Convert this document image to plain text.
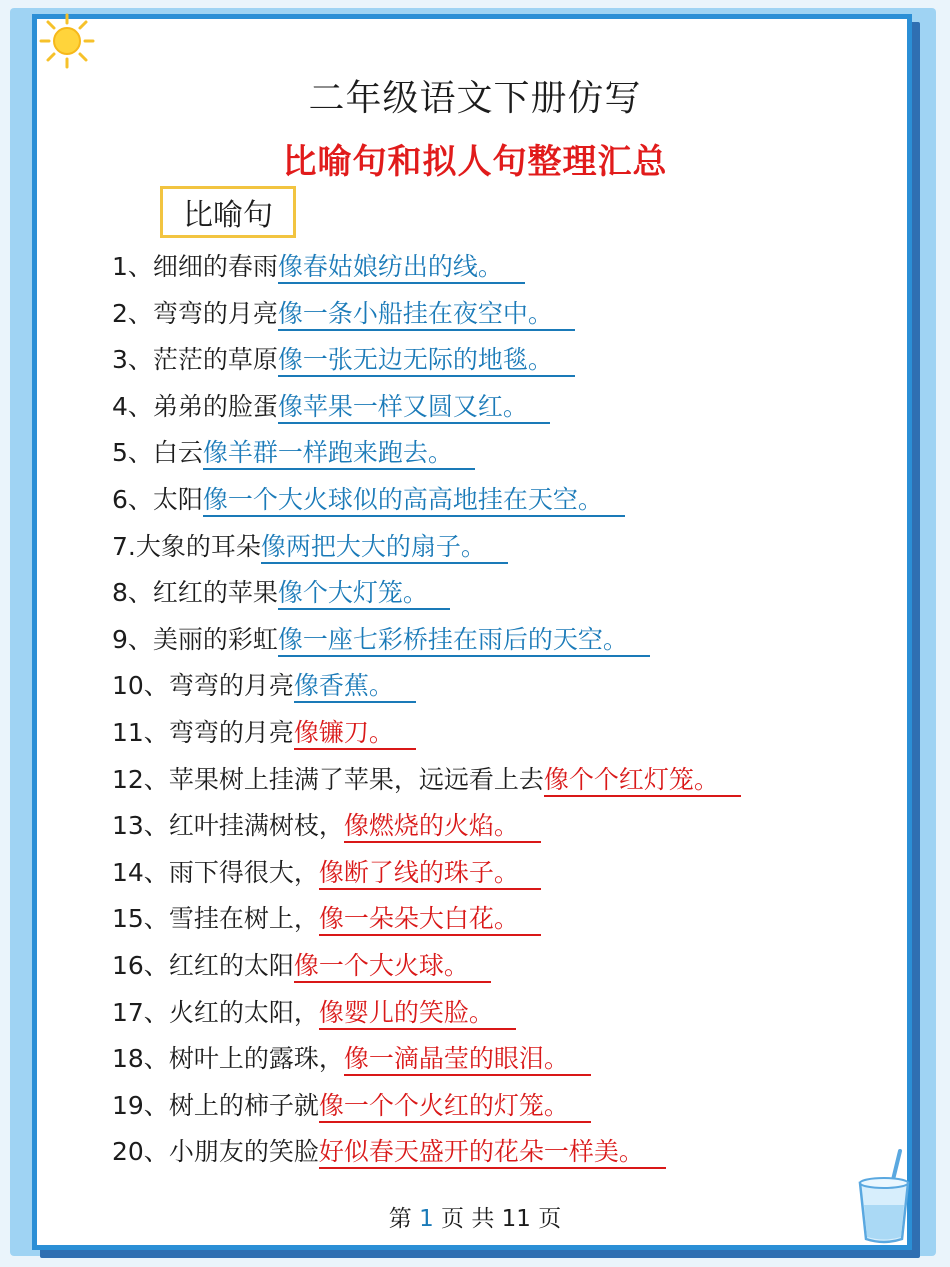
二年级语文下册仿写
比喻句和拟人句整理汇总
比喻句
1、细细的春雨像春姑娘纺出的线。
2、弯弯的月亮像一条小船挂在夜空中。
3、茫茫的草原像一张无边无际的地毯。
4、弟弟的脸蛋像苹果一样又圆又红。
5、白云像羊群一样跑来跑去。
6、太阳像一个大火球似的高高地挂在天空。
7.大象的耳朵像两把大大的扇子。
8、红红的苹果像个大灯笼。
9、美丽的彩虹像一座七彩桥挂在雨后的天空。
10、弯弯的月亮像香蕉。
11、弯弯的月亮像镰刀。
12、苹果树上挂满了苹果，远远看上去像个个红灯笼。
13、红叶挂满树枝，像燃烧的火焰。
14、雨下得很大，像断了线的珠子。
15、雪挂在树上，像一朵朵大白花。
16、红红的太阳像一个大火球。
17、火红的太阳，像婴儿的笑脸。
18、树叶上的露珠，像一滴晶莹的眼泪。
19、树上的柿子就像一个个火红的灯笼。
20、小朋友的笑脸好似春天盛开的花朵一样美。
第 1 页 共 11 页
